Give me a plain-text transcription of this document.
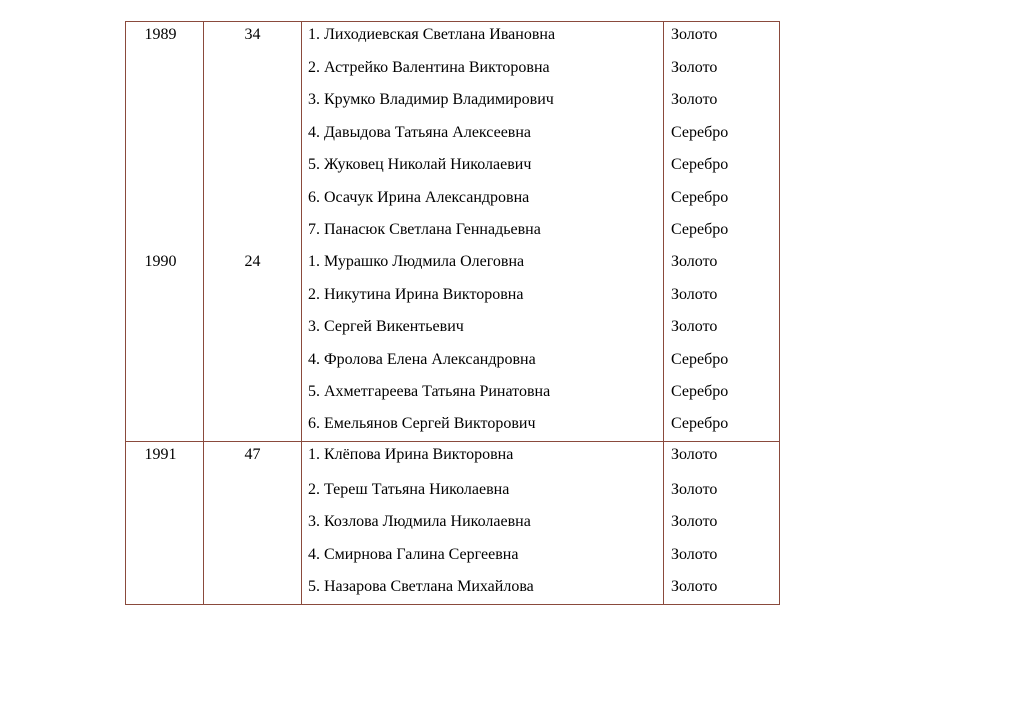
1989	34	1. Лиходиевская Светлана Ивановна	Золото
		2. Астрейко Валентина Викторовна	Золото
		3. Крумко Владимир Владимирович	Золото
		4. Давыдова Татьяна Алексеевна	Серебро
		5. Жуковец Николай Николаевич	Серебро
		6. Осачук Ирина Александровна	Серебро
		7. Панасюк Светлана Геннадьевна	Серебро
1990	24	1. Мурашко Людмила Олеговна	Золото
		2. Никутина Ирина Викторовна	Золото
		3. Сергей Викентьевич	Золото
		4. Фролова Елена Александровна	Серебро
		5. Ахметгареева Татьяна Ринатовна	Серебро
		6. Емельянов Сергей Викторович	Серебро
1991	47	1. Клёпова Ирина Викторовна	Золото
		2. Тереш Татьяна Николаевна	Золото
		3. Козлова Людмила Николаевна	Золото
		4. Смирнова Галина Сергеевна	Золото
		5. Назарова Светлана Михайлова	Золото
